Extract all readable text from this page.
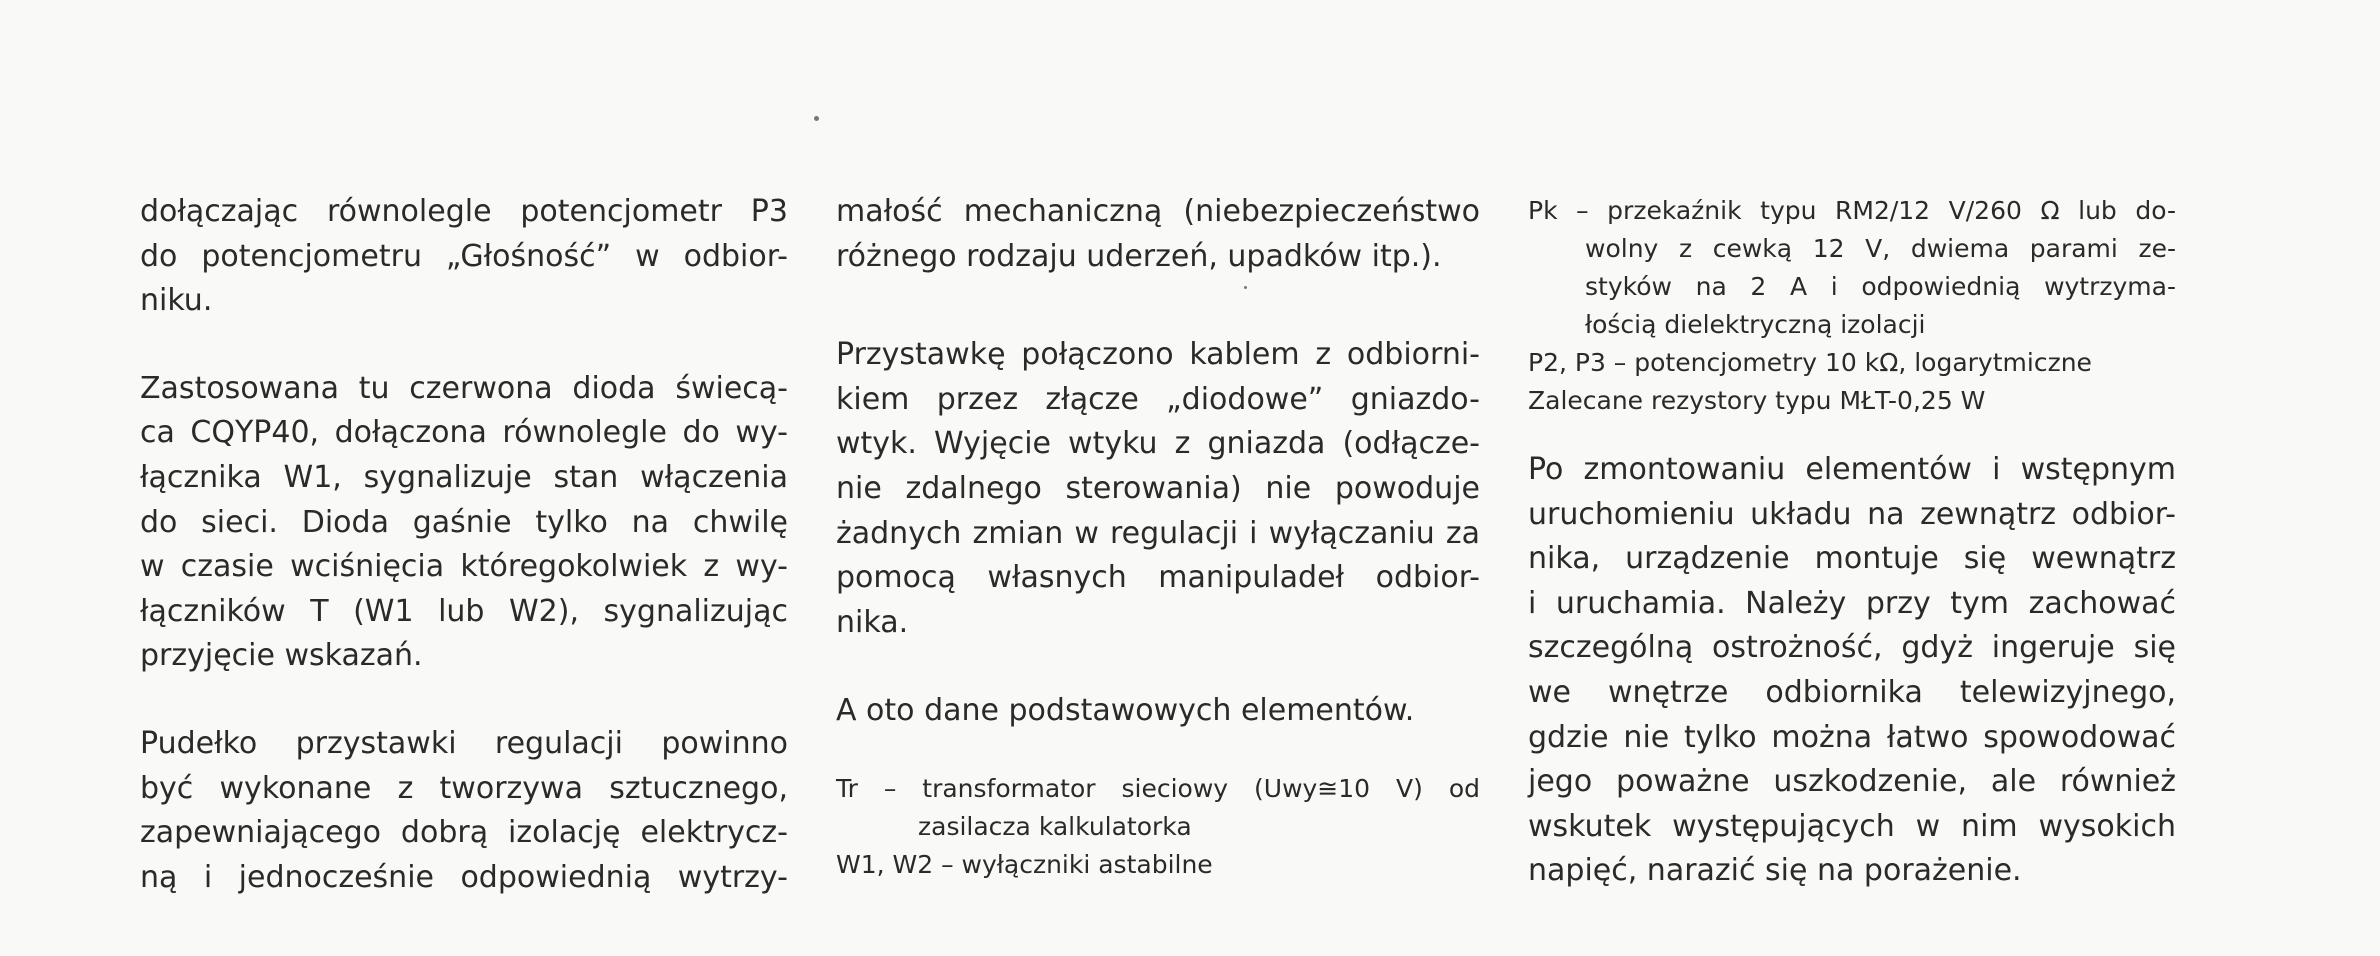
dołączając równolegle potencjometr P3
do potencjometru „Głośność” w odbior-
niku.

Zastosowana tu czerwona dioda świecą-
ca CQYP40, dołączona równolegle do wy-
łącznika W1, sygnalizuje stan włączenia
do sieci. Dioda gaśnie tylko na chwilę
w czasie wciśnięcia któregokolwiek z wy-
łączników T (W1 lub W2), sygnalizując
przyjęcie wskazań.

Pudełko przystawki regulacji powinno
być wykonane z tworzywa sztucznego,
zapewniającego dobrą izolację elektrycz-
ną i jednocześnie odpowiednią wytrzy-

małość mechaniczną (niebezpieczeństwo
różnego rodzaju uderzeń, upadków itp.).

Przystawkę połączono kablem z odbiorni-
kiem przez złącze „diodowe” gniazdo-
wtyk. Wyjęcie wtyku z gniazda (odłącze-
nie zdalnego sterowania) nie powoduje
żadnych zmian w regulacji i wyłączaniu za
pomocą własnych manipuladeł odbior-
nika.

A oto dane podstawowych elementów.

Tr – transformator sieciowy (Uwy≅10 V) od
zasilacza kalkulatorka
W1, W2 – wyłączniki astabilne
Pk – przekaźnik typu RM2/12 V/260 Ω lub do-
wolny z cewką 12 V, dwiema parami ze-
styków na 2 A i odpowiednią wytrzyma-
łością dielektryczną izolacji
P2, P3 – potencjometry 10 kΩ, logarytmiczne
Zalecane rezystory typu MŁT-0,25 W

Po zmontowaniu elementów i wstępnym
uruchomieniu układu na zewnątrz odbior-
nika, urządzenie montuje się wewnątrz
i uruchamia. Należy przy tym zachować
szczególną ostrożność, gdyż ingeruje się
we wnętrze odbiornika telewizyjnego,
gdzie nie tylko można łatwo spowodować
jego poważne uszkodzenie, ale również
wskutek występujących w nim wysokich
napięć, narazić się na porażenie.
